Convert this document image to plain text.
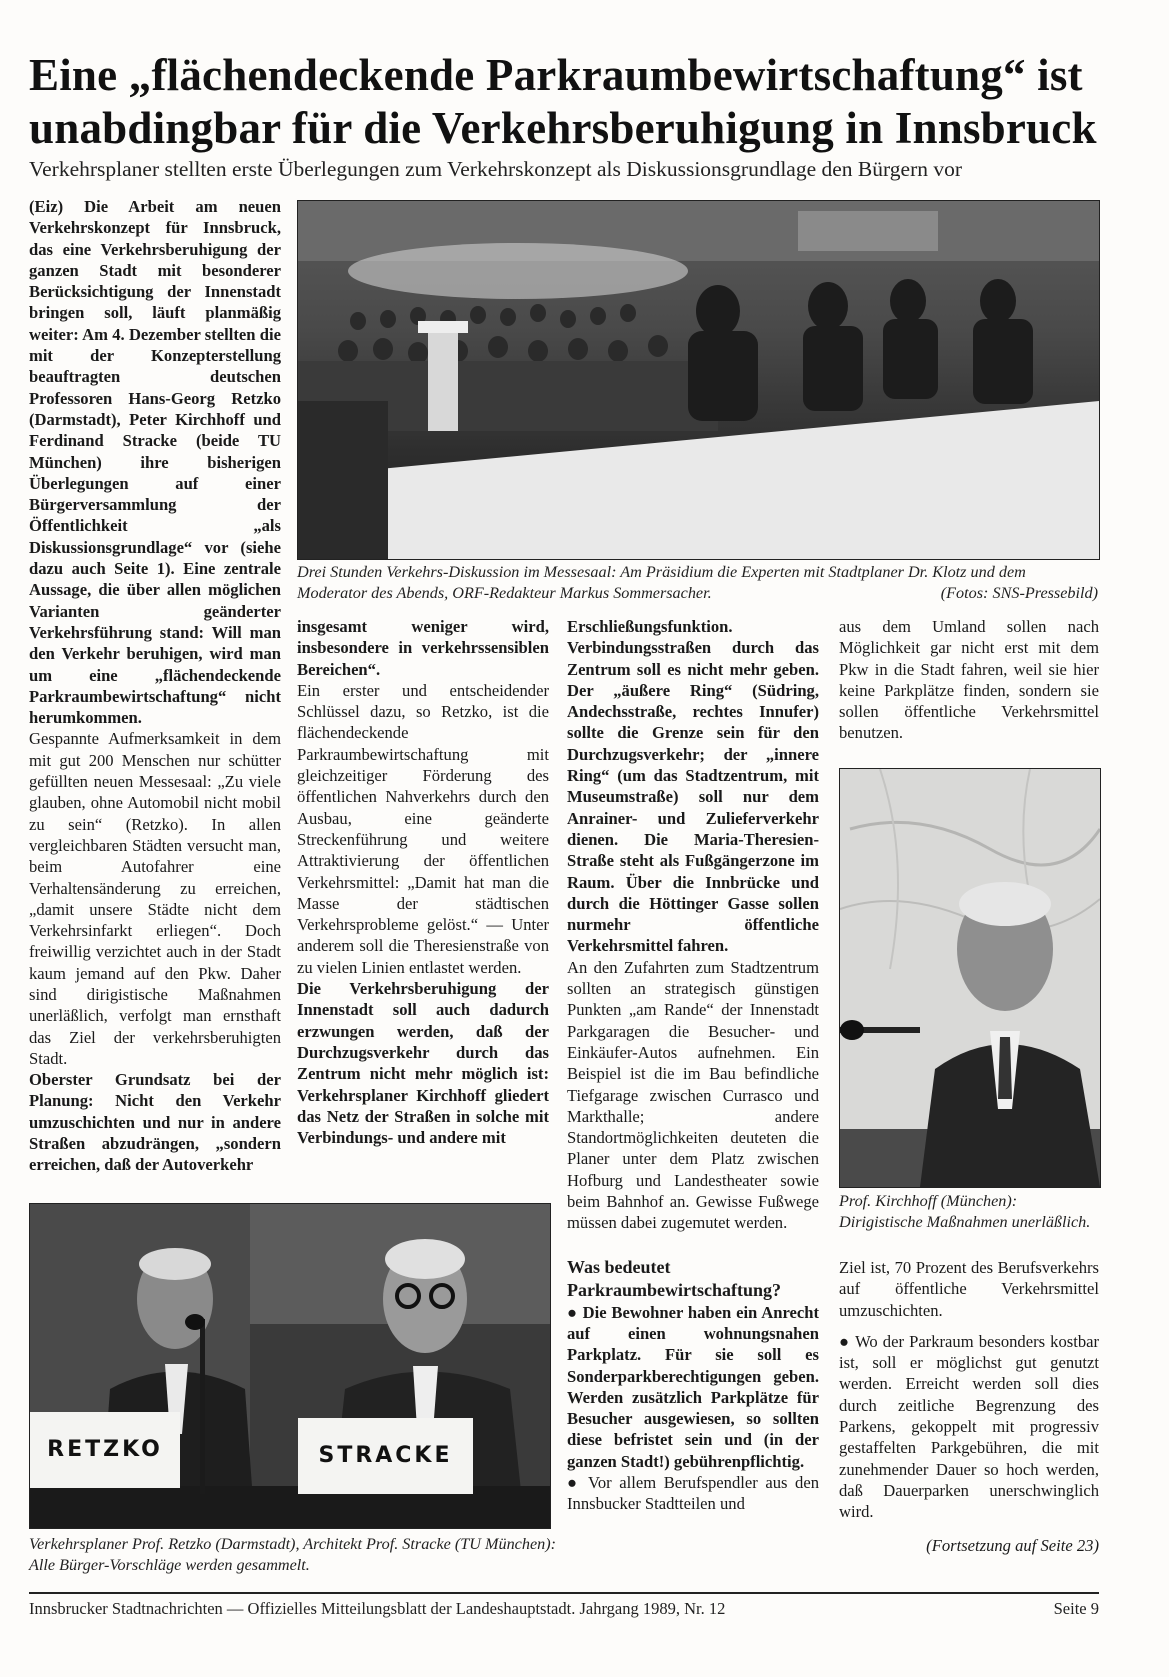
Eine „flächendeckende Parkraumbewirtschaftung“ ist
unabdingbar für die Verkehrsberuhigung in Innsbruck
Verkehrsplaner stellten erste Überlegungen zum Verkehrskonzept als Diskussionsgrundlage den Bürgern vor
Drei Stunden Verkehrs-Diskussion im Messesaal: Am Präsidium die Experten mit Stadtplaner Dr. Klotz und dem Moderator des Abends, ORF-Redakteur Markus Sommersacher.	(Fotos: SNS-Pressebild)

(Eiz) Die Arbeit am neuen Verkehrskonzept für Innsbruck, das eine Verkehrsberuhigung der ganzen Stadt mit besonderer Berücksichtigung der Innenstadt bringen soll, läuft planmäßig weiter: Am 4. Dezember stellten die mit der Konzepterstellung beauftragten deutschen Professoren Hans-Georg Retzko (Darmstadt), Peter Kirchhoff und Ferdinand Stracke (beide TU München) ihre bisherigen Überlegungen auf einer Bürgerversammlung der Öffentlichkeit „als Diskussionsgrundlage“ vor (siehe dazu auch Seite 1). Eine zentrale Aussage, die über allen möglichen Varianten geänderter Verkehrsführung stand: Will man den Verkehr beruhigen, wird man um eine „flächendeckende Parkraumbewirtschaftung“ nicht herumkommen.

Gespannte Aufmerksamkeit in dem mit gut 200 Menschen nur schütter gefüllten neuen Messesaal: „Zu viele glauben, ohne Automobil nicht mobil zu sein“ (Retzko). In allen vergleichbaren Städten versucht man, beim Autofahrer eine Verhaltensänderung zu erreichen, „damit unsere Städte nicht dem Verkehrsinfarkt erliegen“. Doch freiwillig verzichtet auch in der Stadt kaum jemand auf den Pkw. Daher sind dirigistische Maßnahmen unerläßlich, verfolgt man ernsthaft das Ziel der verkehrsberuhigten Stadt.

Oberster Grundsatz bei der Planung: Nicht den Verkehr umzuschichten und nur in andere Straßen abzudrängen, „sondern erreichen, daß der Autoverkehr

insgesamt weniger wird, insbesondere in verkehrssensiblen Bereichen“.

Ein erster und entscheidender Schlüssel dazu, so Retzko, ist die flächendeckende Parkraumbewirtschaftung mit gleichzeitiger Förderung des öffentlichen Nahverkehrs durch den Ausbau, eine geänderte Streckenführung und weitere Attraktivierung der öffentlichen Verkehrsmittel: „Damit hat man die Masse der städtischen Verkehrsprobleme gelöst.“ — Unter anderem soll die Theresienstraße von zu vielen Linien entlastet werden.

Die Verkehrsberuhigung der Innenstadt soll auch dadurch erzwungen werden, daß der Durchzugsverkehr durch das Zentrum nicht mehr möglich ist: Verkehrsplaner Kirchhoff gliedert das Netz der Straßen in solche mit Verbindungs- und andere mit

Erschließungsfunktion. Verbindungsstraßen durch das Zentrum soll es nicht mehr geben. Der „äußere Ring“ (Südring, Andechsstraße, rechtes Innufer) sollte die Grenze sein für den Durchzugsverkehr; der „innere Ring“ (um das Stadtzentrum, mit Museumstraße) soll nur dem Anrainer- und Zulieferverkehr dienen. Die Maria-Theresien-Straße steht als Fußgängerzone im Raum. Über die Innbrücke und durch die Höttinger Gasse sollen nurmehr öffentliche Verkehrsmittel fahren.

An den Zufahrten zum Stadtzentrum sollten an strategisch günstigen Punkten „am Rande“ der Innenstadt Parkgaragen die Besucher- und Einkäufer-Autos aufnehmen. Ein Beispiel ist die im Bau befindliche Tiefgarage zwischen Currasco und Markthalle; andere Standortmöglichkeiten deuteten die Planer unter dem Platz zwischen Hofburg und Landestheater sowie beim Bahnhof an. Gewisse Fußwege müssen dabei zugemutet werden.

Was bedeutet Parkraumbewirtschaftung?

● Die Bewohner haben ein Anrecht auf einen wohnungsnahen Parkplatz. Für sie soll es Sonderparkberechtigungen geben. Werden zusätzlich Parkplätze für Besucher ausgewiesen, so sollten diese befristet sein und (in der ganzen Stadt!) gebührenpflichtig.

● Vor allem Berufspendler aus den Innsbucker Stadtteilen und

aus dem Umland sollen nach Möglichkeit gar nicht erst mit dem Pkw in die Stadt fahren, weil sie hier keine Parkplätze finden, sondern sie sollen öffentliche Verkehrsmittel benutzen.

Prof. Kirchhoff (München): Dirigistische Maßnahmen unerläßlich.

Ziel ist, 70 Prozent des Berufsverkehrs auf öffentliche Verkehrsmittel umzuschichten.

● Wo der Parkraum besonders kostbar ist, soll er möglichst gut genutzt werden. Erreicht werden soll dies durch zeitliche Begrenzung des Parkens, gekoppelt mit progressiv gestaffelten Parkgebühren, die mit zunehmender Dauer so hoch werden, daß Dauerparken unerschwinglich wird.

(Fortsetzung auf Seite 23)

RETZKO	STRACKE
Verkehrsplaner Prof. Retzko (Darmstadt), Architekt Prof. Stracke (TU München): Alle Bürger-Vorschläge werden gesammelt.
Innsbrucker Stadtnachrichten — Offizielles Mitteilungsblatt der Landeshauptstadt. Jahrgang 1989, Nr. 12	Seite 9
